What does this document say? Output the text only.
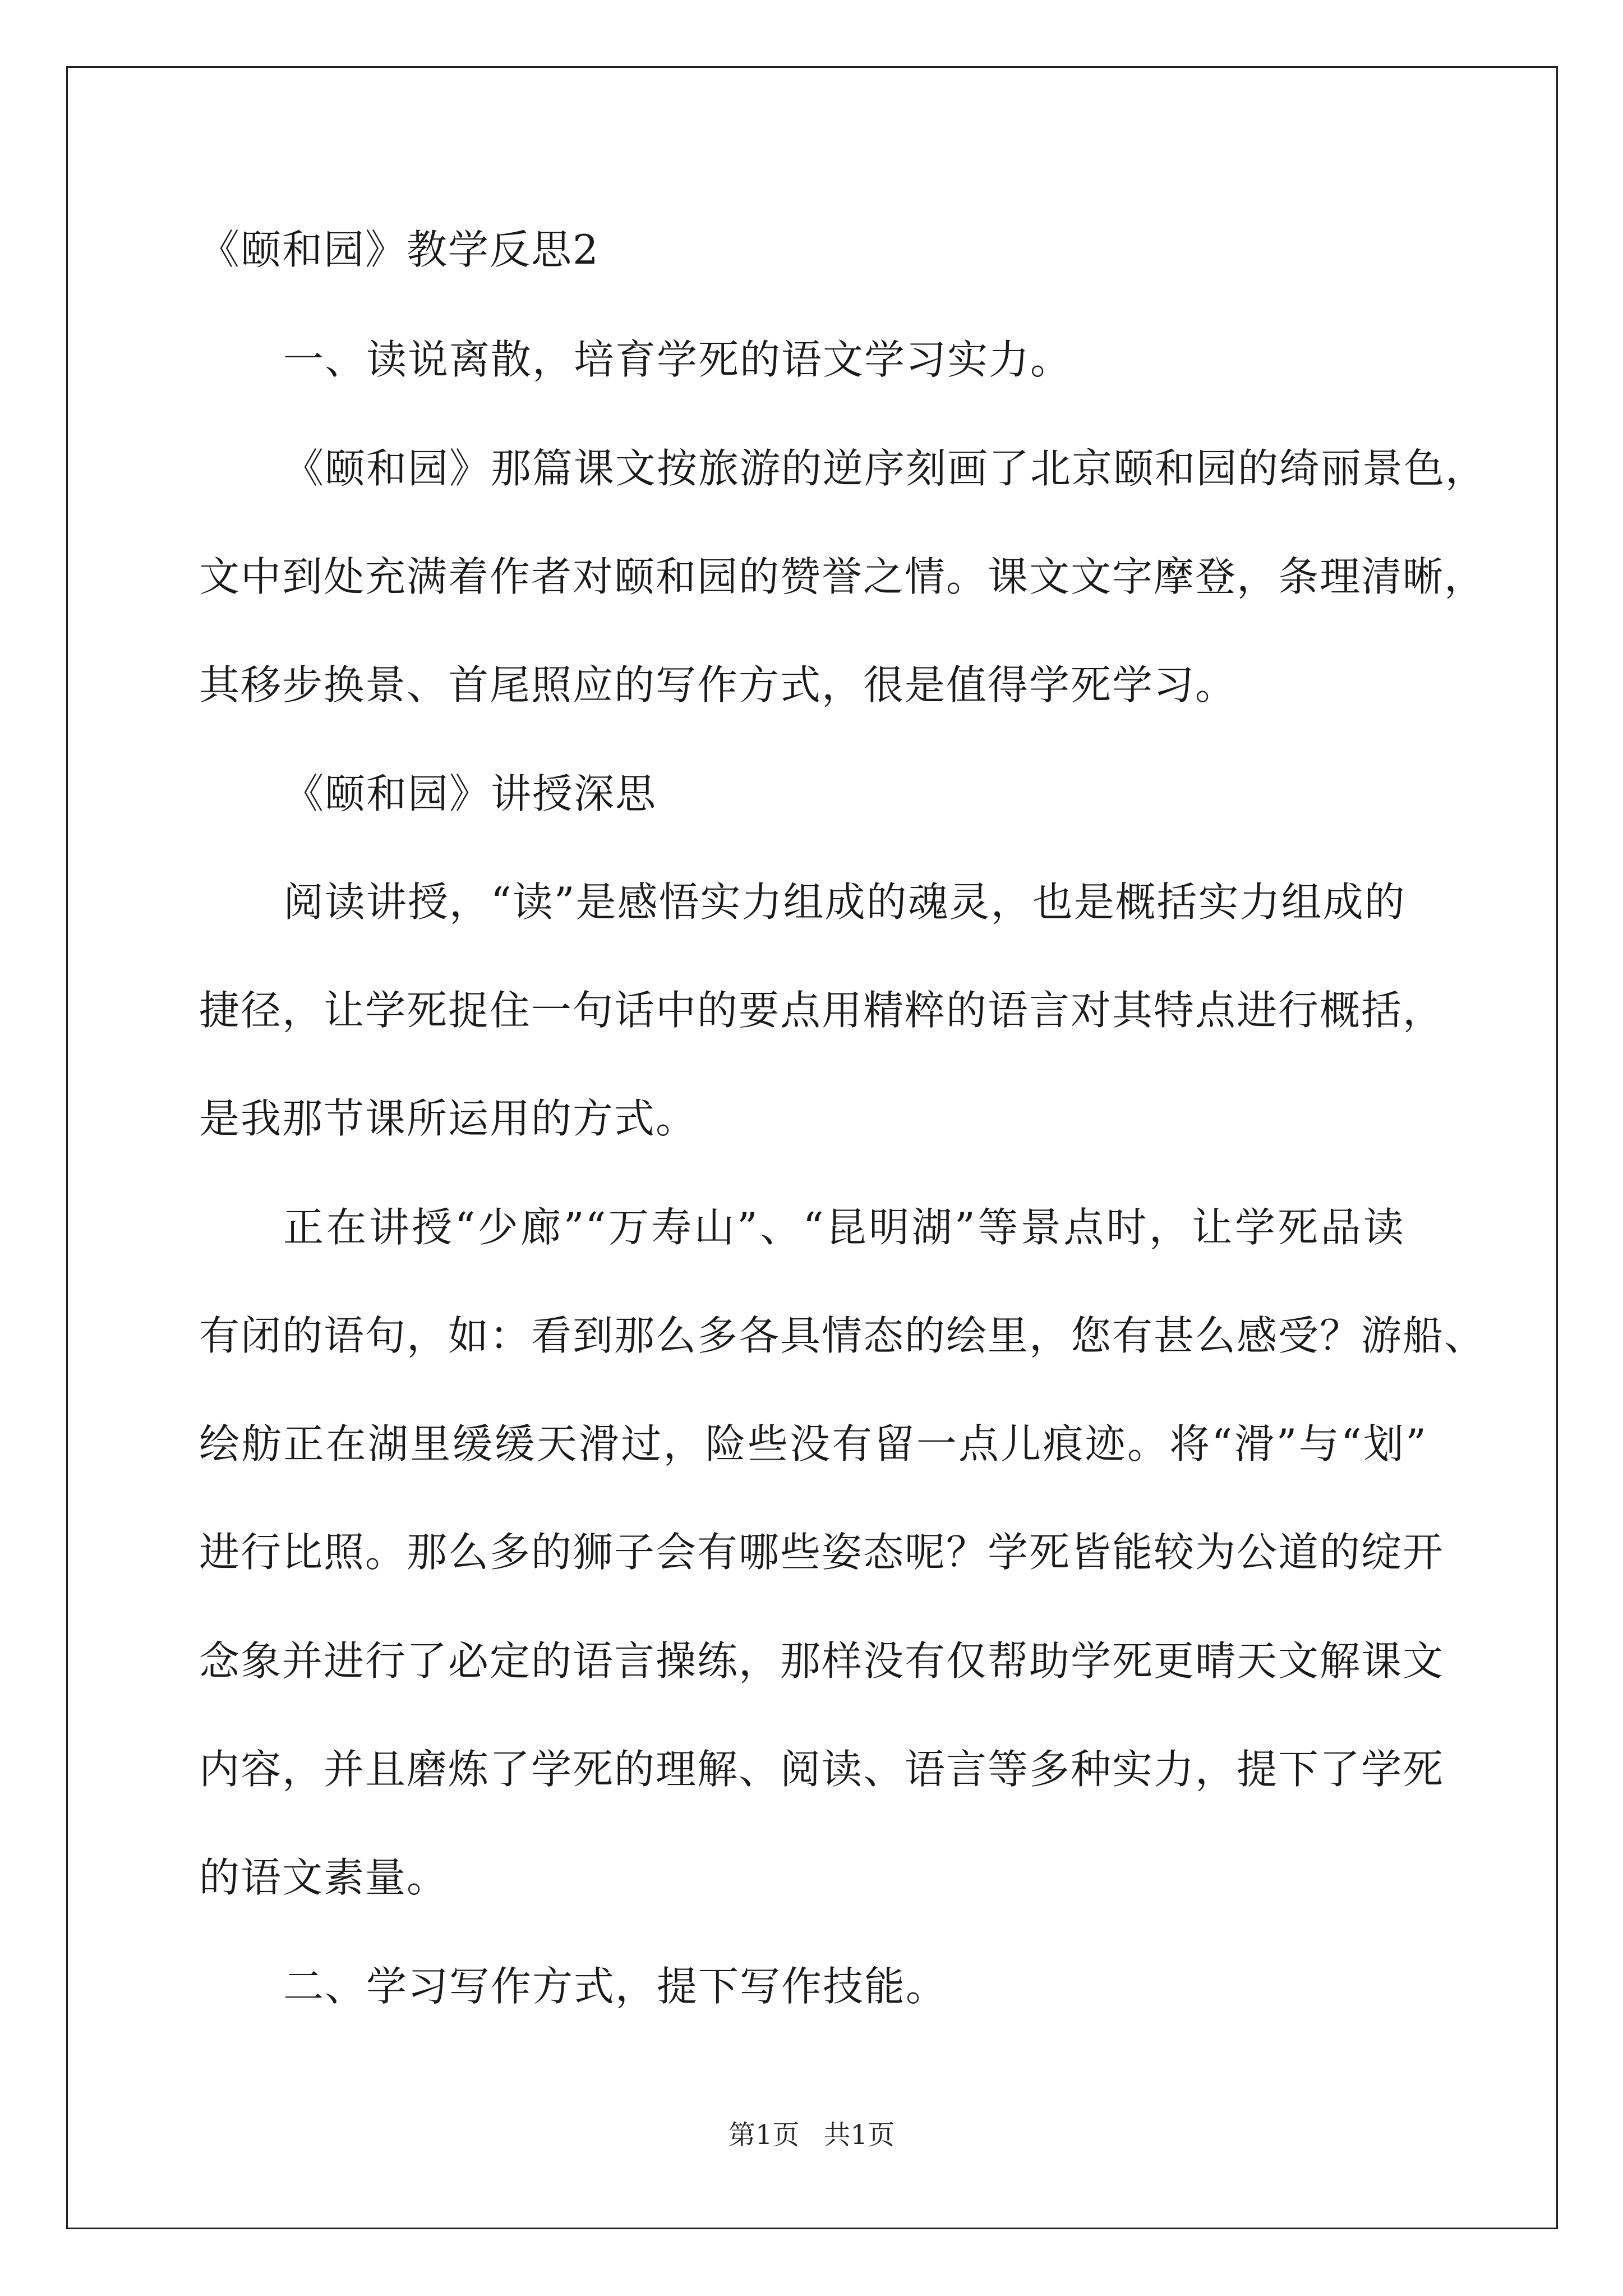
《颐和园》教学反思2
一、读说离散，培育学死的语文学习实力。
《颐和园》那篇课文按旅游的逆序刻画了北京颐和园的绮丽景色，
文中到处充满着作者对颐和园的赞誉之情。课文文字摩登，条理清晰，
其移步换景、首尾照应的写作方式，很是值得学死学习。
《颐和园》讲授深思
阅读讲授，“读”是感悟实力组成的魂灵，也是概括实力组成的
捷径，让学死捉住一句话中的要点用精粹的语言对其特点进行概括，
是我那节课所运用的方式。
正在讲授“少廊”“万寿山”、“昆明湖”等景点时，让学死品读
有闭的语句，如：看到那么多各具情态的绘里，您有甚么感受？游船、
绘舫正在湖里缓缓天滑过，险些没有留一点儿痕迹。将“滑”与“划”
进行比照。那么多的狮子会有哪些姿态呢？学死皆能较为公道的绽开
念象并进行了必定的语言操练，那样没有仅帮助学死更晴天文解课文
内容，并且磨炼了学死的理解、阅读、语言等多种实力，提下了学死
的语文素量。
二、学习写作方式，提下写作技能。
第1页 共1页
